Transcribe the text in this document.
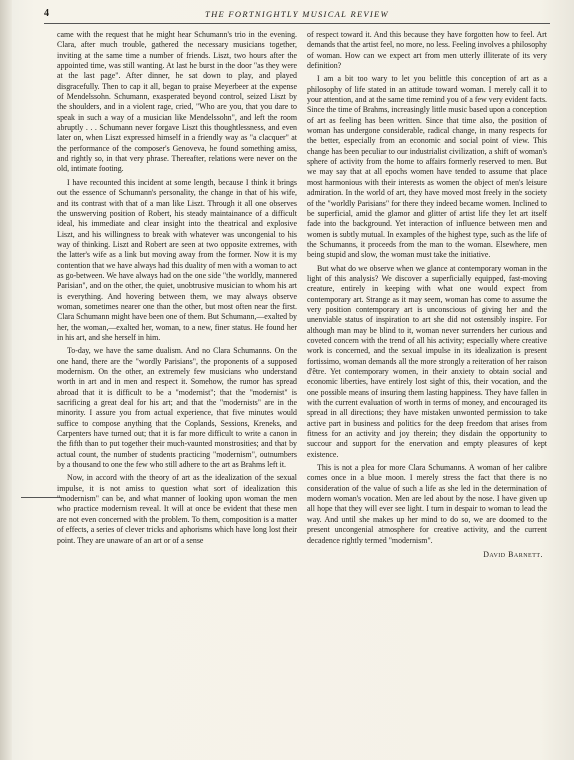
4	THE FORTNIGHTLY MUSICAL REVIEW

came with the request that he might hear Schumann's trio in the evening. Clara, after much trouble, gathered the necessary musicians together, inviting at the same time a number of friends. Liszt, two hours after the appointed time, was still wanting. At last he burst in the door "as they were at the last page". After dinner, he sat down to play, and played disgracefully. Then to cap it all, began to praise Meyerbeer at the expense of Mendelssohn. Schumann, exasperated beyond control, seized Liszt by the shoulders, and in a violent rage, cried, "Who are you, that you dare to speak in such a way of a musician like Mendelssohn", and left the room abruptly . . . Schumann never forgave Liszt this thoughtlessness, and even later on, when Liszt expressed himself in a friendly way as "a clacquer" at the performance of the composer's Genoveva, he found something amiss, and rightly so, in that very phrase. Thereafter, relations were never on the old, intimate footing.

I have recounted this incident at some length, because I think it brings out the essence of Schumann's personality, the change in that of his wife, and its contrast with that of a man like Liszt. Through it all one observes the unswerving position of Robert, his steady maintainance of a difficult ideal, his immediate and clear insight into the theatrical and explosive Liszt, and his willingness to break with whatever was uncongenial to his way of thinking. Liszt and Robert are seen at two opposite extremes, with the latter's wife as a link but moving away from the former. Now it is my contention that we have always had this duality of men with a woman to act as go-between. We have always had on the one side "the worldly, mannered Parisian", and on the other, the quiet, unobtrusive musician to whom his art is everything. And hovering between them, we may always observe woman, sometimes nearer one than the other, but most often near the first. Clara Schumann might have been one of them. But Schumann,—exalted by her, the woman,—exalted her, woman, to a new, finer status. He found her in his art, and she herself in him.

To-day, we have the same dualism. And no Clara Schumanns. On the one hand, there are the "wordly Parisians", the proponents of a supposed modernism. On the other, an extremely few musicians who understand worth in art and in men and respect it. Somehow, the rumor has spread abroad that it is difficult to be a "modernist"; that the "modernist" is sacrificing a great deal for his art; and that the "modernists" are in the minority. I assure you from actual experience, that five minutes would suffice to compose anything that the Coplands, Sessions, Kreneks, and Carpenters have turned out; that it is far more difficult to write a canon in the fifth than to put together their much-vaunted monstrosities; and that by actual count, the number of students practicing "modernism", outnumbers by a thousand to one the few who still adhere to the art as Brahms left it.

Now, in accord with the theory of art as the idealization of the sexual impulse, it is not amiss to question what sort of idealization this "modernism" can be, and what manner of looking upon woman the men who practice modernism reveal. It will at once be evident that these men are not even concerned with the problem. To them, composition is a matter of effects, a series of clever tricks and aphorisms which have long lost their point. They are unaware of an art or of a sense

of respect toward it. And this because they have forgotten how to feel. Art demands that the artist feel, no more, no less. Feeling involves a philosophy of woman. How can we expect art from men utterly illiterate of its very definition?

I am a bit too wary to let you belittle this conception of art as a philosophy of life stated in an attitude toward woman. I merely call it to your attention, and at the same time remind you of a few very evident facts. Since the time of Brahms, increasingly little music based upon a conception of art as feeling has been written. Since that time also, the position of woman has undergone considerable, radical change, in many respects for the better, especially from an economic and social point of view. This change has been peculiar to our industrialist civilization, a shift of woman's sphere of activity from the home to affairs formerly reserved to men. But we may say that at all epochs women have tended to assume that place most harmonious with their interests as women the object of men's leisure admiration. In the world of art, they have moved most freely in the society of the "worldly Parisians" for there they indeed became women. Inclined to be superficial, amid the glamor and glitter of artist life they let art itself fade into the background. Yet interaction of influence between men and women is subtly mutual. In examples of the highest type, such as the life of the Schumanns, it proceeds from the man to the woman. Elsewhere, men being stupid and slow, the woman must take the initiative.

But what do we observe when we glance at contemporary woman in the light of this analysis? We discover a superficially equipped, fast-moving creature, entirely in keeping with what one would expect from contemporary art. Strange as it may seem, woman has come to assume the very position contemporary art is unconscious of giving her and the unenviable status of inspiration to art she did not ostensibly inspire. For although man may be blind to it, woman never surrenders her curious and coveted concern with the trend of all his activity; especially where creative work is concerned, and the sexual impulse in its idealization is present fortissimo, woman demands all the more strongly a reiteration of her raison d'être. Yet contemporary women, in their anxiety to obtain social and economic liberties, have entirely lost sight of this, their vocation, and the one possible means of insuring them lasting happiness. They have fallen in with the current evaluation of worth in terms of money, and encouraged its spread in all directions; they have mistaken unwonted permission to take active part in business and politics for the deep freedom that arises from fitness for an activity and joy therein; they disdain the opportunity to succour and support for the enervation and empty pleasures of kept existence.

This is not a plea for more Clara Schumanns. A woman of her calibre comes once in a blue moon. I merely stress the fact that there is no consideration of the value of such a life as she led in the determination of modern woman's vocation. Men are led about by the nose. I have given up all hope that they will ever see light. I turn in despair to woman to lead the way. And until she makes up her mind to do so, we are doomed to the present uncongenial atmosphere for creative activity, and the current decadence rightly termed "modernism".

David Barnett.
